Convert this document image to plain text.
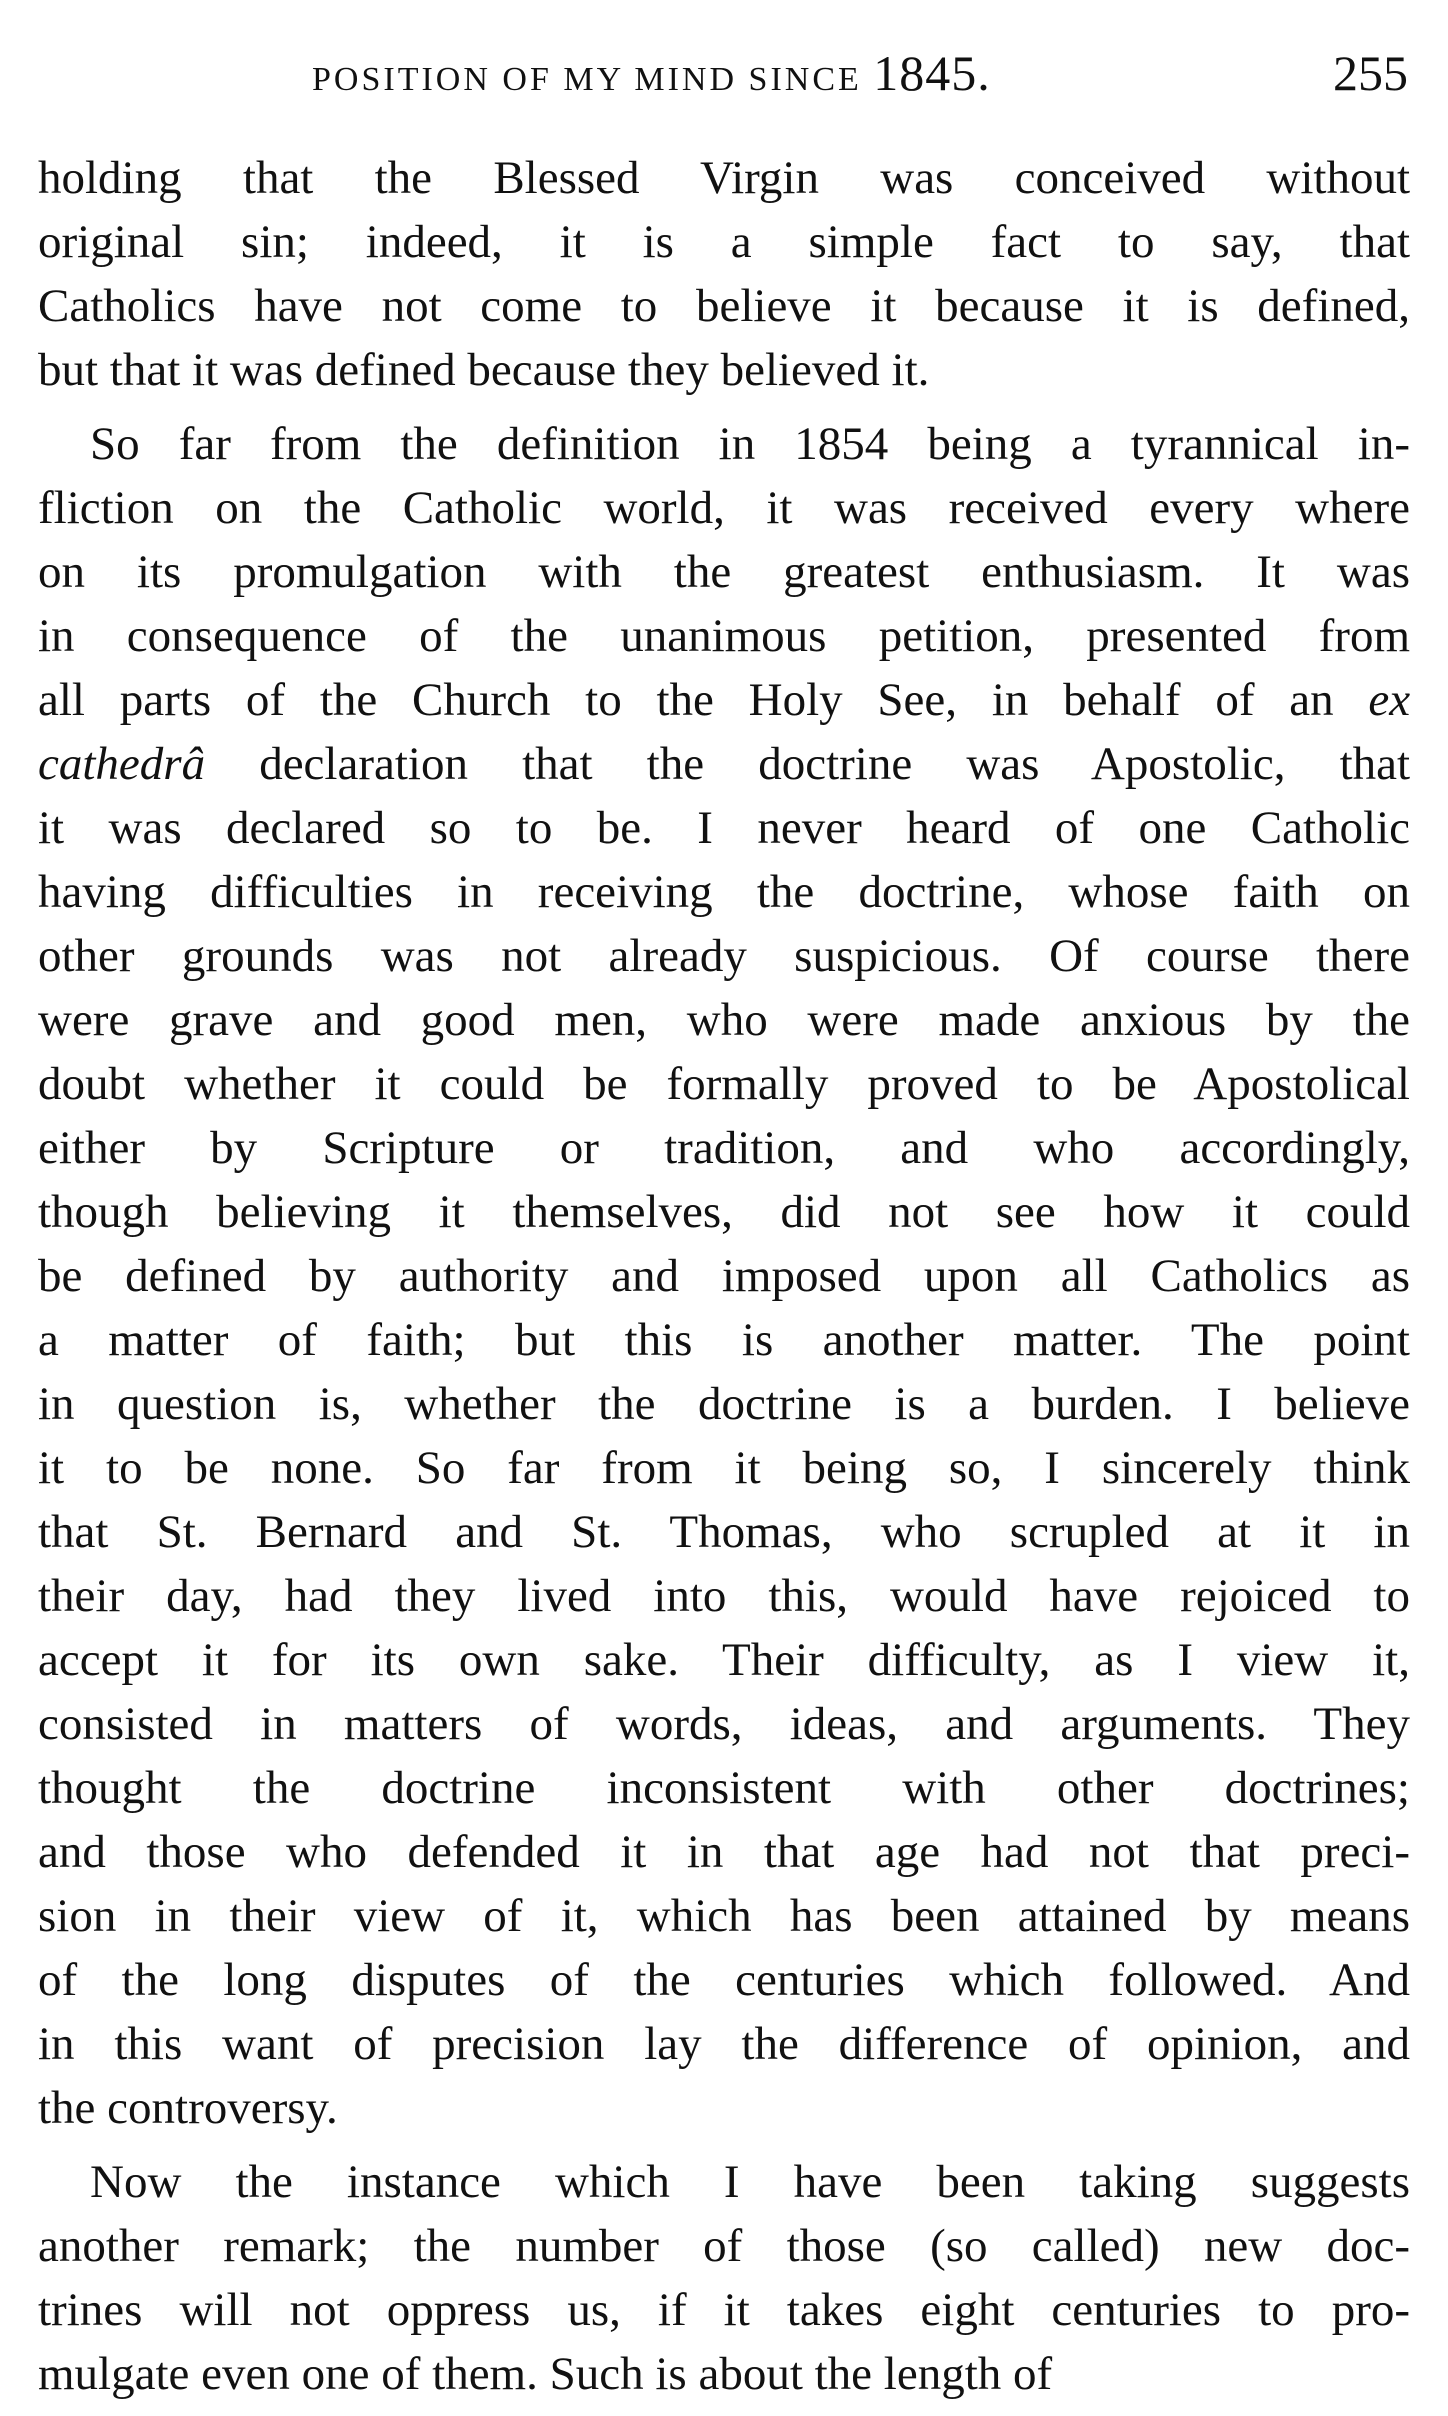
POSITION OF MY MIND SINCE 1845.	255
holding that the Blessed Virgin was conceived without
original sin; indeed, it is a simple fact to say, that
Catholics have not come to believe it because it is defined,
but that it was defined because they believed it.
So far from the definition in 1854 being a tyrannical in-
fliction on the Catholic world, it was received every where
on its promulgation with the greatest enthusiasm. It was
in consequence of the unanimous petition, presented from
all parts of the Church to the Holy See, in behalf of an ex
cathedrâ declaration that the doctrine was Apostolic, that
it was declared so to be. I never heard of one Catholic
having difficulties in receiving the doctrine, whose faith on
other grounds was not already suspicious. Of course there
were grave and good men, who were made anxious by the
doubt whether it could be formally proved to be Apostolical
either by Scripture or tradition, and who accordingly,
though believing it themselves, did not see how it could
be defined by authority and imposed upon all Catholics as
a matter of faith; but this is another matter. The point
in question is, whether the doctrine is a burden. I believe
it to be none. So far from it being so, I sincerely think
that St. Bernard and St. Thomas, who scrupled at it in
their day, had they lived into this, would have rejoiced to
accept it for its own sake. Their difficulty, as I view it,
consisted in matters of words, ideas, and arguments. They
thought the doctrine inconsistent with other doctrines;
and those who defended it in that age had not that preci-
sion in their view of it, which has been attained by means
of the long disputes of the centuries which followed. And
in this want of precision lay the difference of opinion, and
the controversy.
Now the instance which I have been taking suggests
another remark; the number of those (so called) new doc-
trines will not oppress us, if it takes eight centuries to pro-
mulgate even one of them. Such is about the length of
